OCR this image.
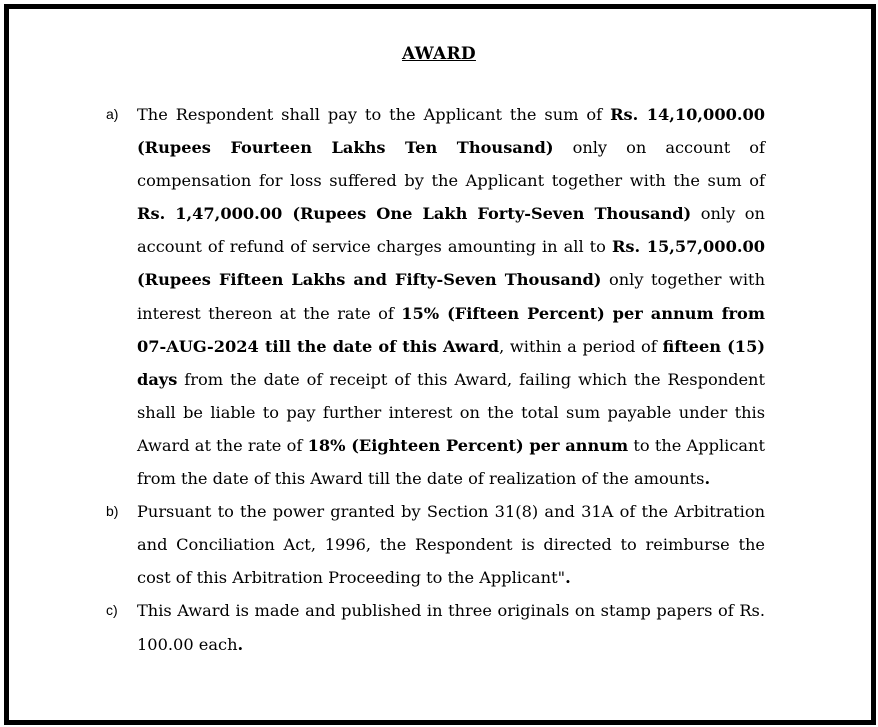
AWARD
a) The Respondent shall pay to the Applicant the sum of Rs. 14,10,000.00 (Rupees Fourteen Lakhs Ten Thousand) only on account of compensation for loss suffered by the Applicant together with the sum of Rs. 1,47,000.00 (Rupees One Lakh Forty-Seven Thousand) only on account of refund of service charges amounting in all to Rs. 15,57,000.00 (Rupees Fifteen Lakhs and Fifty-Seven Thousand) only together with interest thereon at the rate of 15% (Fifteen Percent) per annum from 07-AUG-2024 till the date of this Award, within a period of fifteen (15) days from the date of receipt of this Award, failing which the Respondent shall be liable to pay further interest on the total sum payable under this Award at the rate of 18% (Eighteen Percent) per annum to the Applicant from the date of this Award till the date of realization of the amounts.
b) Pursuant to the power granted by Section 31(8) and 31A of the Arbitration and Conciliation Act, 1996, the Respondent is directed to reimburse the cost of this Arbitration Proceeding to the Applicant".
c) This Award is made and published in three originals on stamp papers of Rs. 100.00 each.
